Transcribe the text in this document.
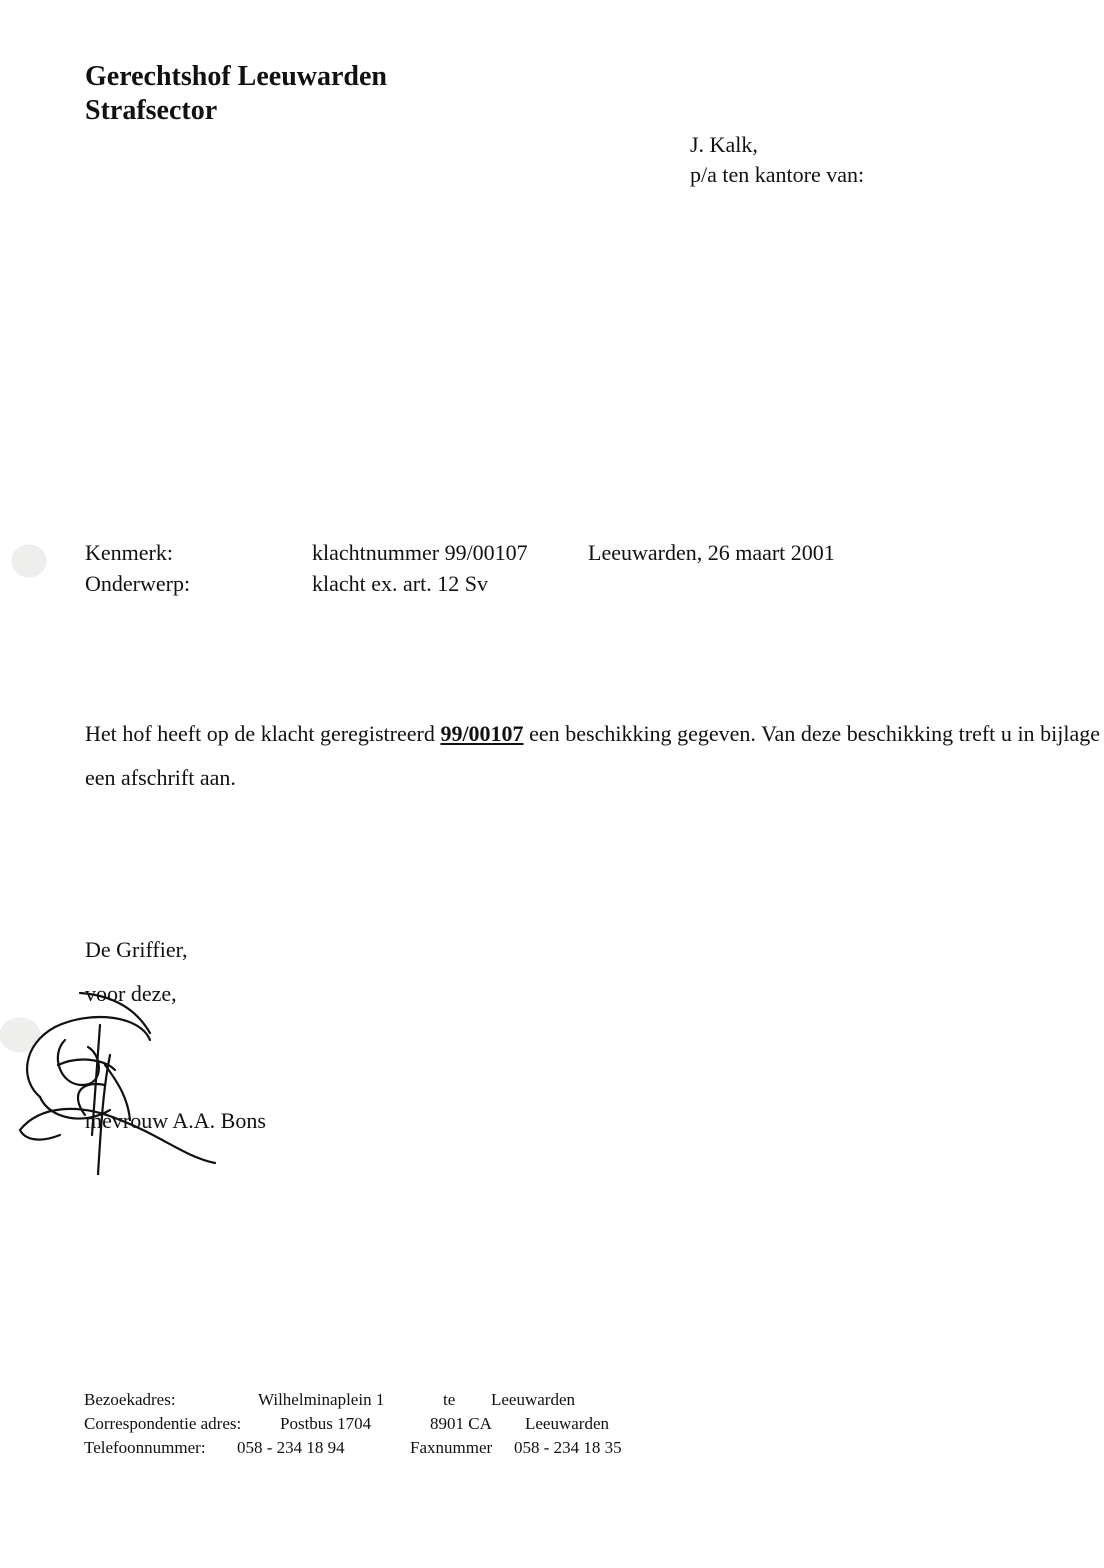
Gerechtshof Leeuwarden
Strafsector
J. Kalk,
p/a ten kantore van:
Kenmerk:	klachtnummer 99/00107	Leeuwarden, 26 maart 2001
Onderwerp:	klacht ex. art. 12 Sv
Het hof heeft op de klacht geregistreerd 99/00107 een beschikking gegeven. Van deze beschikking treft u in bijlage een afschrift aan.
De Griffier,
voor deze,
mevrouw A.A. Bons
Bezoekadres:	Wilhelminaplein 1	te	Leeuwarden
Correspondentie adres:	Postbus 1704	8901 CA	Leeuwarden
Telefoonnummer:	058 - 234 18 94	Faxnummer	058 - 234 18 35
